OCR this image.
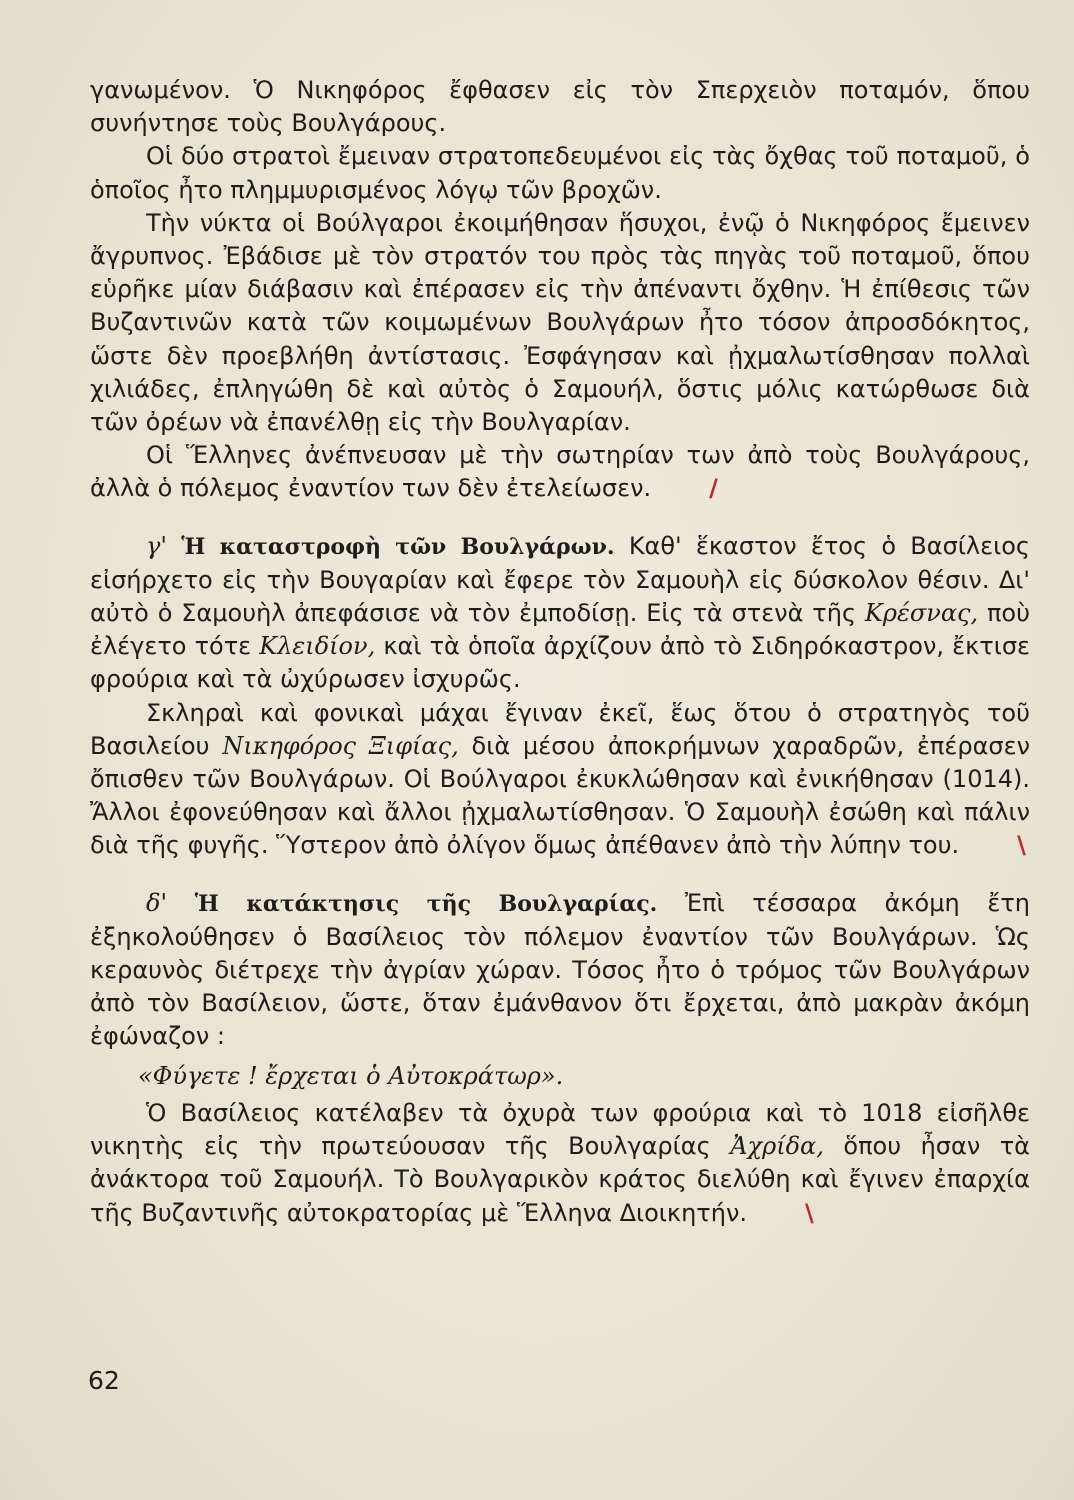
γανωμένον. Ὁ Νικηφόρος ἔφθασεν εἰς τὸν Σπερχειὸν ποταμόν, ὅπου συνήντησε τοὺς Βουλγάρους.

Οἱ δύο στρατοὶ ἔμειναν στρατοπεδευμένοι εἰς τὰς ὄχθας τοῦ ποταμοῦ, ὁ ὁποῖος ἦτο πλημμυρισμένος λόγῳ τῶν βροχῶν.

Τὴν νύκτα οἱ Βούλγαροι ἐκοιμήθησαν ἥσυχοι, ἐνῷ ὁ Νικηφόρος ἔμεινεν ἄγρυπνος. Ἐβάδισε μὲ τὸν στρατόν του πρὸς τὰς πηγὰς τοῦ ποταμοῦ, ὅπου εὑρῆκε μίαν διάβασιν καὶ ἐπέρασεν εἰς τὴν ἀπέναντι ὄχθην. Ἡ ἐπίθεσις τῶν Βυζαντινῶν κατὰ τῶν κοιμωμένων Βουλγάρων ἦτο τόσον ἀπροσδόκητος, ὥστε δὲν προεβλήθη ἀντίστασις. Ἐσφάγησαν καὶ ᾐχμαλωτίσθησαν πολλαὶ χιλιάδες, ἐπληγώθη δὲ καὶ αὐτὸς ὁ Σαμουήλ, ὅστις μόλις κατώρθωσε διὰ τῶν ὀρέων νὰ ἐπανέλθῃ εἰς τὴν Βουλγαρίαν.

Οἱ Ἕλληνες ἀνέπνευσαν μὲ τὴν σωτηρίαν των ἀπὸ τοὺς Βουλγάρους, ἀλλὰ ὁ πόλεμος ἐναντίον των δὲν ἐτελείωσεν. /

γ' Ἡ καταστροφὴ τῶν Βουλγάρων. Καθ' ἕκαστον ἔτος ὁ Βασίλειος εἰσήρχετο εἰς τὴν Βουγαρίαν καὶ ἔφερε τὸν Σαμουὴλ εἰς δύσκολον θέσιν. Δι' αὐτὸ ὁ Σαμουὴλ ἀπεφάσισε νὰ τὸν ἐμποδίσῃ. Εἰς τὰ στενὰ τῆς Κρέσνας, ποὺ ἐλέγετο τότε Κλειδίον, καὶ τὰ ὁποῖα ἀρχίζουν ἀπὸ τὸ Σιδηρόκαστρον, ἔκτισε φρούρια καὶ τὰ ὠχύρωσεν ἰσχυρῶς.

Σκληραὶ καὶ φονικαὶ μάχαι ἔγιναν ἐκεῖ, ἕως ὅτου ὁ στρατηγὸς τοῦ Βασιλείου Νικηφόρος Ξιφίας, διὰ μέσου ἀποκρήμνων χαραδρῶν, ἐπέρασεν ὄπισθεν τῶν Βουλγάρων. Οἱ Βούλγαροι ἐκυκλώθησαν καὶ ἐνικήθησαν (1014). Ἄλλοι ἐφονεύθησαν καὶ ἄλλοι ᾐχμαλωτίσθησαν. Ὁ Σαμουὴλ ἐσώθη καὶ πάλιν διὰ τῆς φυγῆς. Ὕστερον ἀπὸ ὀλίγον ὅμως ἀπέθανεν ἀπὸ τὴν λύπην του. \

δ' Ἡ κατάκτησις τῆς Βουλγαρίας. Ἐπὶ τέσσαρα ἀκόμη ἔτη ἐξηκολούθησεν ὁ Βασίλειος τὸν πόλεμον ἐναντίον τῶν Βουλγάρων. Ὡς κεραυνὸς διέτρεχε τὴν ἀγρίαν χώραν. Τόσος ἦτο ὁ τρόμος τῶν Βουλγάρων ἀπὸ τὸν Βασίλειον, ὥστε, ὅταν ἐμάνθανον ὅτι ἔρχεται, ἀπὸ μακρὰν ἀκόμη ἐφώναζον :

«Φύγετε ! ἔρχεται ὁ Αὐτοκράτωρ».

Ὁ Βασίλειος κατέλαβεν τὰ ὀχυρὰ των φρούρια καὶ τὸ 1018 εἰσῆλθε νικητὴς εἰς τὴν πρωτεύουσαν τῆς Βουλγαρίας Ἀχρίδα, ὅπου ἦσαν τὰ ἀνάκτορα τοῦ Σαμουήλ. Τὸ Βουλγαρικὸν κράτος διελύθη καὶ ἔγινεν ἐπαρχία τῆς Βυζαντινῆς αὐτοκρατορίας μὲ Ἕλληνα Διοικητήν. \

62
